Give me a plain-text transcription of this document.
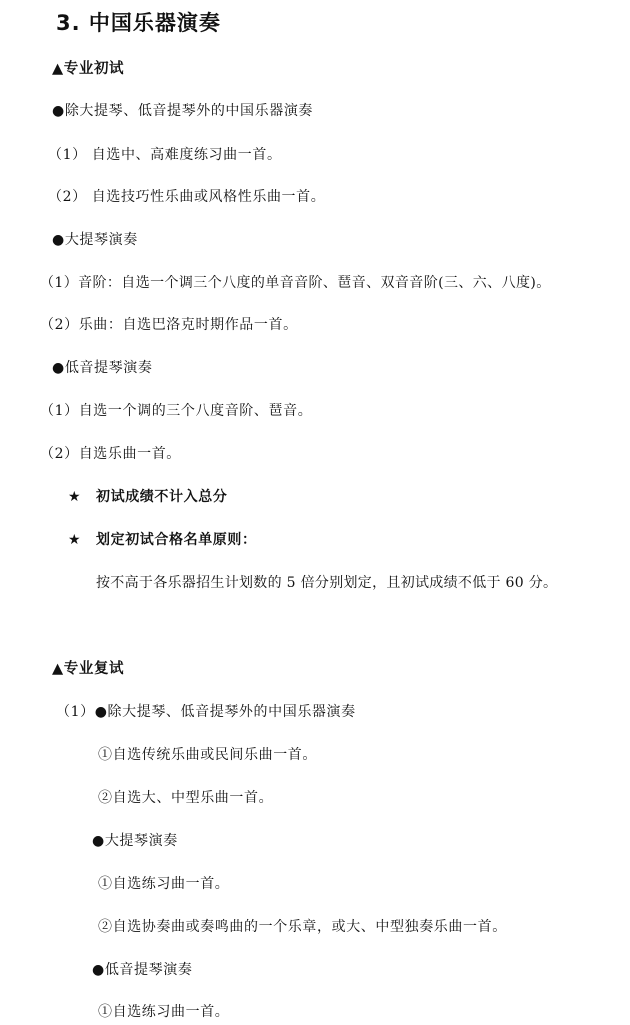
3. 中国乐器演奏
▲专业初试
●除大提琴、低音提琴外的中国乐器演奏
（1） 自选中、高难度练习曲一首。
（2） 自选技巧性乐曲或风格性乐曲一首。
●大提琴演奏
（1）音阶：自选一个调三个八度的单音音阶、琶音、双音音阶(三、六、八度)。
（2）乐曲：自选巴洛克时期作品一首。
●低音提琴演奏
（1）自选一个调的三个八度音阶、琶音。
（2）自选乐曲一首。
★ 初试成绩不计入总分
★ 划定初试合格名单原则：
按不高于各乐器招生计划数的 5 倍分别划定，且初试成绩不低于 60 分。
▲专业复试
（1）●除大提琴、低音提琴外的中国乐器演奏
①自选传统乐曲或民间乐曲一首。
②自选大、中型乐曲一首。
●大提琴演奏
①自选练习曲一首。
②自选协奏曲或奏鸣曲的一个乐章，或大、中型独奏乐曲一首。
●低音提琴演奏
①自选练习曲一首。
